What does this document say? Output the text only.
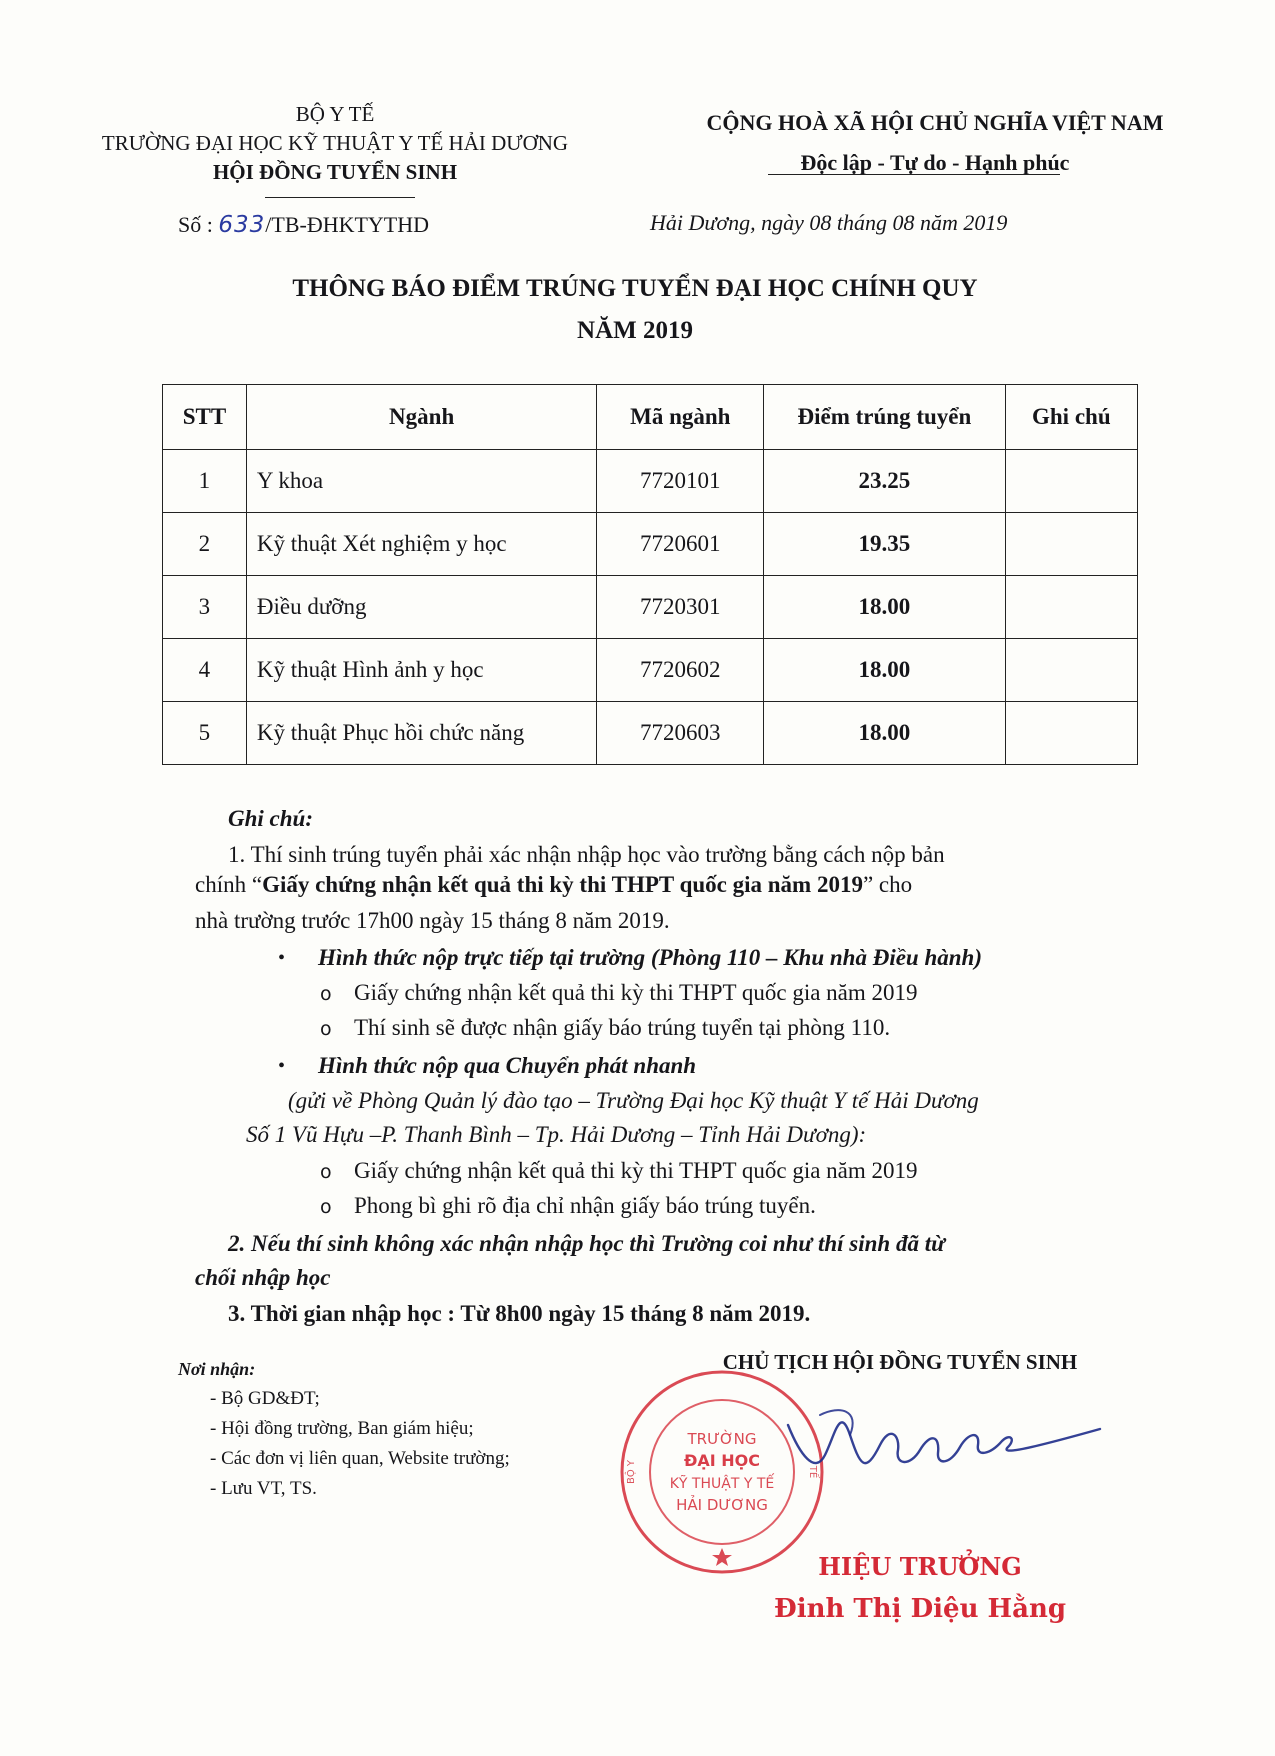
BỘ Y TẾ
TRƯỜNG ĐẠI HỌC KỸ THUẬT Y TẾ HẢI DƯƠNG
HỘI ĐỒNG TUYỂN SINH
CỘNG HOÀ XÃ HỘI CHỦ NGHĨA VIỆT NAM
Độc lập - Tự do - Hạnh phúc
Số : 633/TB-ĐHKTYTHD	Hải Dương, ngày 08 tháng 08 năm 2019
THÔNG BÁO ĐIỂM TRÚNG TUYỂN ĐẠI HỌC CHÍNH QUY
NĂM 2019
STT	Ngành	Mã ngành	Điểm trúng tuyển	Ghi chú
1	Y khoa	7720101	23.25	
2	Kỹ thuật Xét nghiệm y học	7720601	19.35	
3	Điều dưỡng	7720301	18.00	
4	Kỹ thuật Hình ảnh y học	7720602	18.00	
5	Kỹ thuật Phục hồi chức năng	7720603	18.00	
Ghi chú:
1. Thí sinh trúng tuyển phải xác nhận nhập học vào trường bằng cách nộp bản
chính “Giấy chứng nhận kết quả thi kỳ thi THPT quốc gia năm 2019” cho
nhà trường trước 17h00 ngày 15 tháng 8 năm 2019.
• Hình thức nộp trực tiếp tại trường (Phòng 110 – Khu nhà Điều hành)
o Giấy chứng nhận kết quả thi kỳ thi THPT quốc gia năm 2019
o Thí sinh sẽ được nhận giấy báo trúng tuyển tại phòng 110.
• Hình thức nộp qua Chuyển phát nhanh
(gửi về Phòng Quản lý đào tạo – Trường Đại học Kỹ thuật Y tế Hải Dương
Số 1 Vũ Hựu –P. Thanh Bình – Tp. Hải Dương – Tỉnh Hải Dương):
o Giấy chứng nhận kết quả thi kỳ thi THPT quốc gia năm 2019
o Phong bì ghi rõ địa chỉ nhận giấy báo trúng tuyển.
2. Nếu thí sinh không xác nhận nhập học thì Trường coi như thí sinh đã từ
chối nhập học
3. Thời gian nhập học : Từ 8h00 ngày 15 tháng 8 năm 2019.
Nơi nhận:
- Bộ GD&ĐT;
- Hội đồng trường, Ban giám hiệu;
- Các đơn vị liên quan, Website trường;
- Lưu VT, TS.
CHỦ TỊCH HỘI ĐỒNG TUYỂN SINH
TRƯỜNG
ĐẠI HỌC
KỸ THUẬT Y TẾ
HẢI DƯƠNG
BỘ Y	TẾ
HIỆU TRƯỞNG
Đinh Thị Diệu Hằng
